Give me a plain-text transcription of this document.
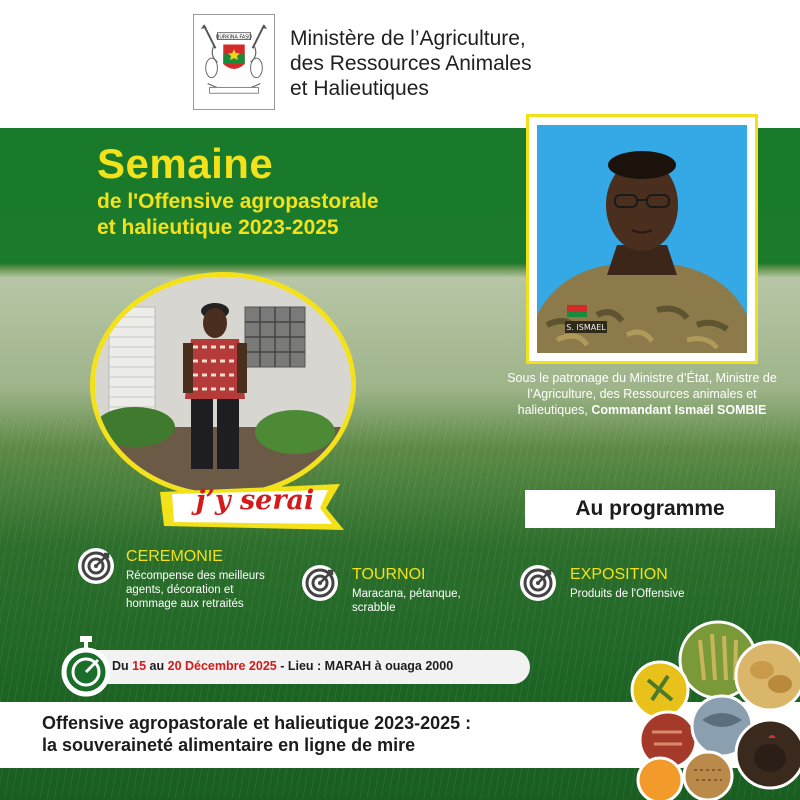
BURKINA FASO Ministère de l’Agriculture,
des Ressources Animales
et Halieutiques
Semaine
de l'Offensive agropastorale
et halieutique 2023-2025
S. ISMAEL
Sous le patronage du Ministre d’État, Ministre de l’Agriculture, des Ressources animales et halieutiques, Commandant Ismaël SOMBIE
j’y serai	Au programme
CEREMONIE
Récompense des meilleurs
agents, décoration et
hommage aux retraités
TOURNOI
Maracana, pétanque,
scrabble
EXPOSITION
Produits de l'Offensive
Du 15 au 20 Décembre 2025 - Lieu : MARAH à ouaga 2000
Offensive agropastorale et halieutique 2023-2025 :
la souveraineté alimentaire en ligne de mire
